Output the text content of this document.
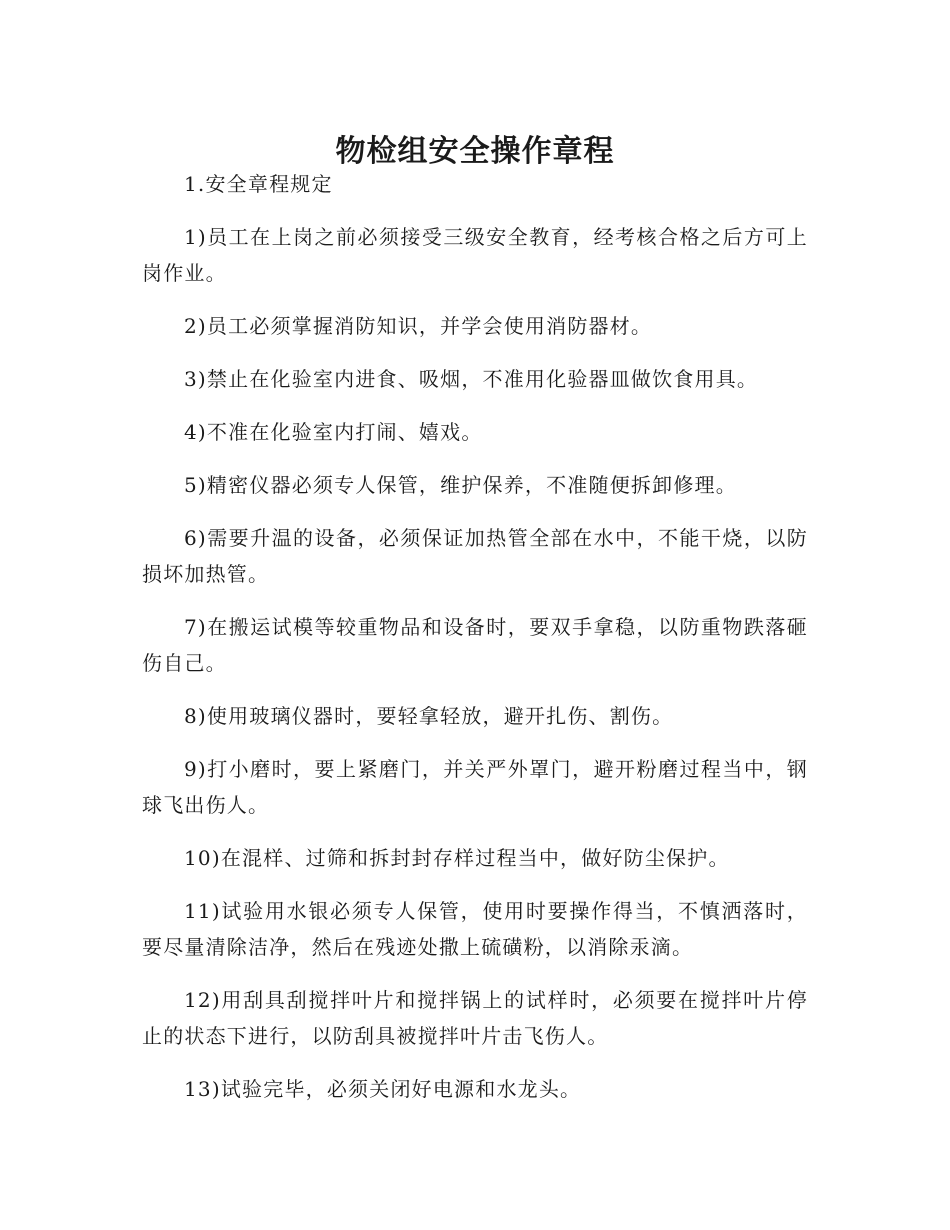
物检组安全操作章程

1.安全章程规定

1)员工在上岗之前必须接受三级安全教育，经考核合格之后方可上岗作业。

2)员工必须掌握消防知识，并学会使用消防器材。

3)禁止在化验室内进食、吸烟，不准用化验器皿做饮食用具。

4)不准在化验室内打闹、嬉戏。

5)精密仪器必须专人保管，维护保养，不准随便拆卸修理。

6)需要升温的设备，必须保证加热管全部在水中，不能干烧，以防损坏加热管。

7)在搬运试模等较重物品和设备时，要双手拿稳，以防重物跌落砸伤自己。

8)使用玻璃仪器时，要轻拿轻放，避开扎伤、割伤。

9)打小磨时，要上紧磨门，并关严外罩门，避开粉磨过程当中，钢球飞出伤人。

10)在混样、过筛和拆封封存样过程当中，做好防尘保护。

11)试验用水银必须专人保管，使用时要操作得当，不慎洒落时，要尽量清除洁净，然后在残迹处撒上硫磺粉，以消除汞滴。

12)用刮具刮搅拌叶片和搅拌锅上的试样时，必须要在搅拌叶片停止的状态下进行，以防刮具被搅拌叶片击飞伤人。

13)试验完毕，必须关闭好电源和水龙头。
